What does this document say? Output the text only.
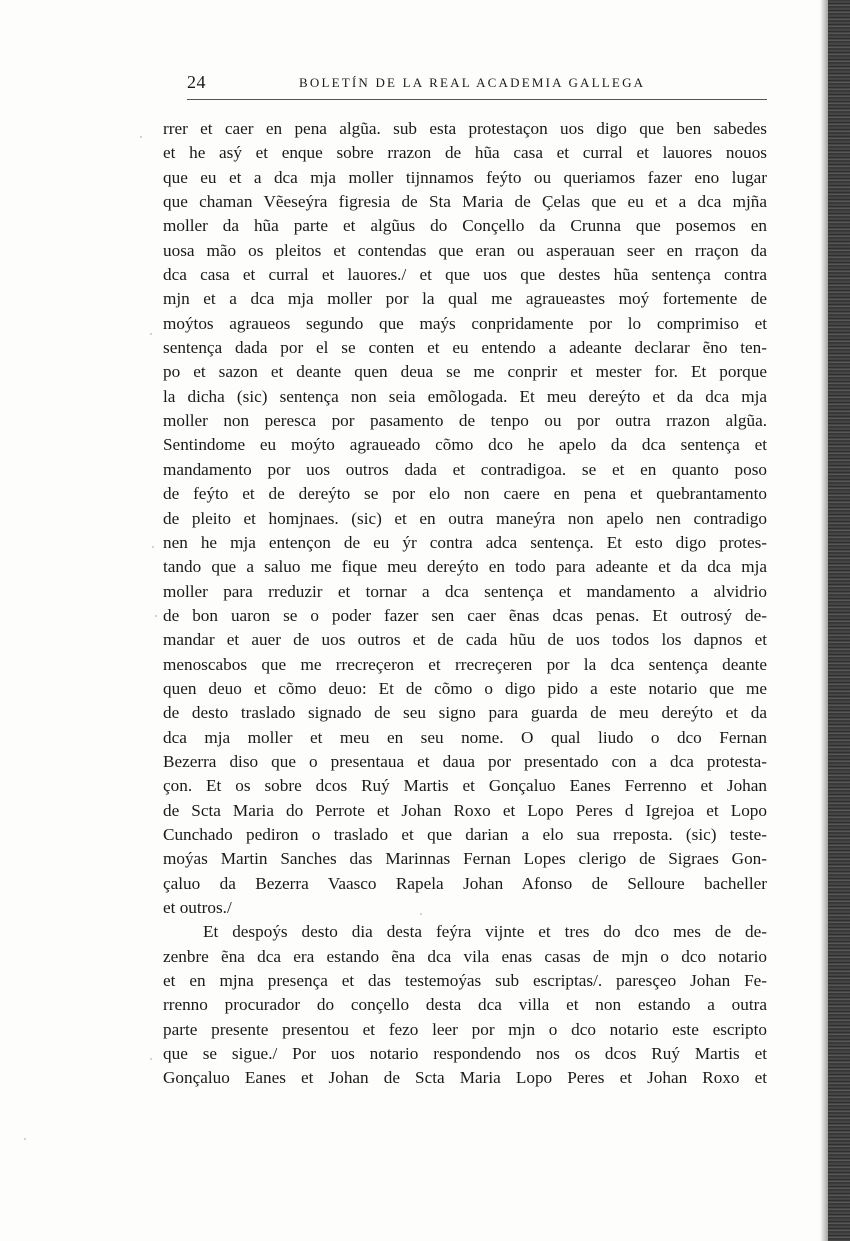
24	BOLETÍN DE LA REAL ACADEMIA GALLEGA
rrer et caer en pena algũa. sub esta protestaçon uos digo que ben sabedes
et he asý et enque sobre rrazon de hũa casa et curral et lauores nouos
que eu et a dca mja moller tijnnamos feýto ou queriamos fazer eno lugar
que chaman Vẽeseýra figresia de Sta Maria de Çelas que eu et a dca mjña
moller da hũa parte et algũus do Conçello da Crunna que posemos en
uosa mão os pleitos et contendas que eran ou asperauan seer en rraçon da
dca casa et curral et lauores./ et que uos que destes hũa sentença contra
mjn et a dca mja moller por la qual me agraueastes moý fortemente de
moýtos agraueos segundo que maýs conpridamente por lo comprimiso et
sentença dada por el se conten et eu entendo a adeante declarar ẽno ten-
po et sazon et deante quen deua se me conprir et mester for. Et porque
la dicha (sic) sentença non seia emõlogada. Et meu dereýto et da dca mja
moller non peresca por pasamento de tenpo ou por outra rrazon algũa.
Sentindome eu moýto agraueado cõmo dco he apelo da dca sentença et
mandamento por uos outros dada et contradigoa. se et en quanto poso
de feýto et de dereýto se por elo non caere en pena et quebrantamento
de pleito et homjnaes. (sic) et en outra maneýra non apelo nen contradigo
nen he mja entençon de eu ýr contra adca sentença. Et esto digo protes-
tando que a saluo me fique meu dereýto en todo para adeante et da dca mja
moller para rreduzir et tornar a dca sentença et mandamento a alvidrio
de bon uaron se o poder fazer sen caer ẽnas dcas penas. Et outrosý de-
mandar et auer de uos outros et de cada hũu de uos todos los dapnos et
menoscabos que me rrecreçeron et rrecreçeren por la dca sentença deante
quen deuo et cõmo deuo: Et de cõmo o digo pido a este notario que me
de desto traslado signado de seu signo para guarda de meu dereýto et da
dca mja moller et meu en seu nome. O qual liudo o dco Fernan
Bezerra diso que o presentaua et daua por presentado con a dca protesta-
çon. Et os sobre dcos Ruý Martis et Gonçaluo Eanes Ferrenno et Johan
de Scta Maria do Perrote et Johan Roxo et Lopo Peres d Igrejoa et Lopo
Cunchado pediron o traslado et que darian a elo sua rreposta. (sic) teste-
moýas Martin Sanches das Marinnas Fernan Lopes clerigo de Sigraes Gon-
çaluo da Bezerra Vaasco Rapela Johan Afonso de Selloure bacheller
et outros./
Et despoýs desto dia desta feýra vijnte et tres do dco mes de de-
zenbre ẽna dca era estando ẽna dca vila enas casas de mjn o dco notario
et en mjna presença et das testemoýas sub escriptas/. paresçeo Johan Fe-
rrenno procurador do conçello desta dca villa et non estando a outra
parte presente presentou et fezo leer por mjn o dco notario este escripto
que se sigue./ Por uos notario respondendo nos os dcos Ruý Martis et
Gonçaluo Eanes et Johan de Scta Maria Lopo Peres et Johan Roxo et
